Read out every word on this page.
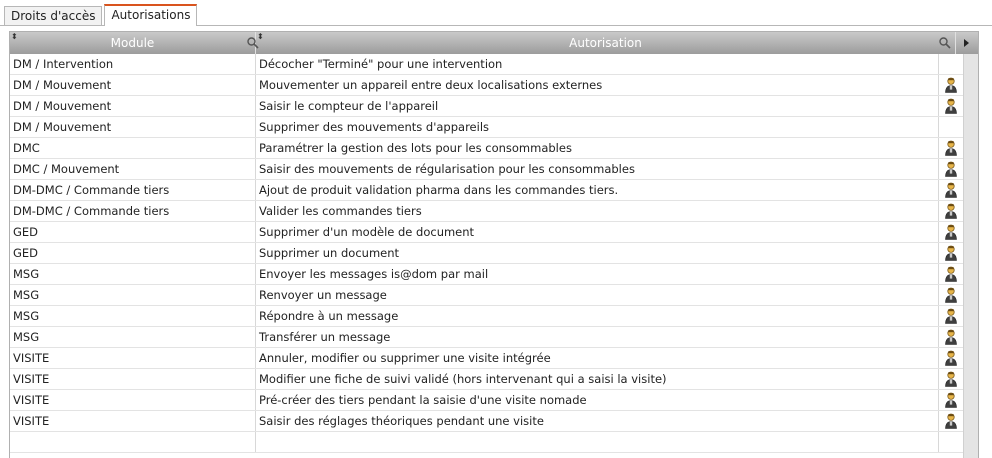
Droits d'accès	Autorisations
⬍	Module	⬍	Autorisation
DM / Intervention	Décocher "Terminé" pour une intervention
DM / Mouvement	Mouvementer un appareil entre deux localisations externes
DM / Mouvement	Saisir le compteur de l'appareil
DM / Mouvement	Supprimer des mouvements d'appareils
DMC	Paramétrer la gestion des lots pour les consommables
DMC / Mouvement	Saisir des mouvements de régularisation pour les consommables
DM-DMC / Commande tiers	Ajout de produit validation pharma dans les commandes tiers.
DM-DMC / Commande tiers	Valider les commandes tiers
GED	Supprimer d'un modèle de document
GED	Supprimer un document
MSG	Envoyer les messages is@dom par mail
MSG	Renvoyer un message
MSG	Répondre à un message
MSG	Transférer un message
VISITE	Annuler, modifier ou supprimer une visite intégrée
VISITE	Modifier une fiche de suivi validé (hors intervenant qui a saisi la visite)
VISITE	Pré-créer des tiers pendant la saisie d'une visite nomade
VISITE	Saisir des réglages théoriques pendant une visite
